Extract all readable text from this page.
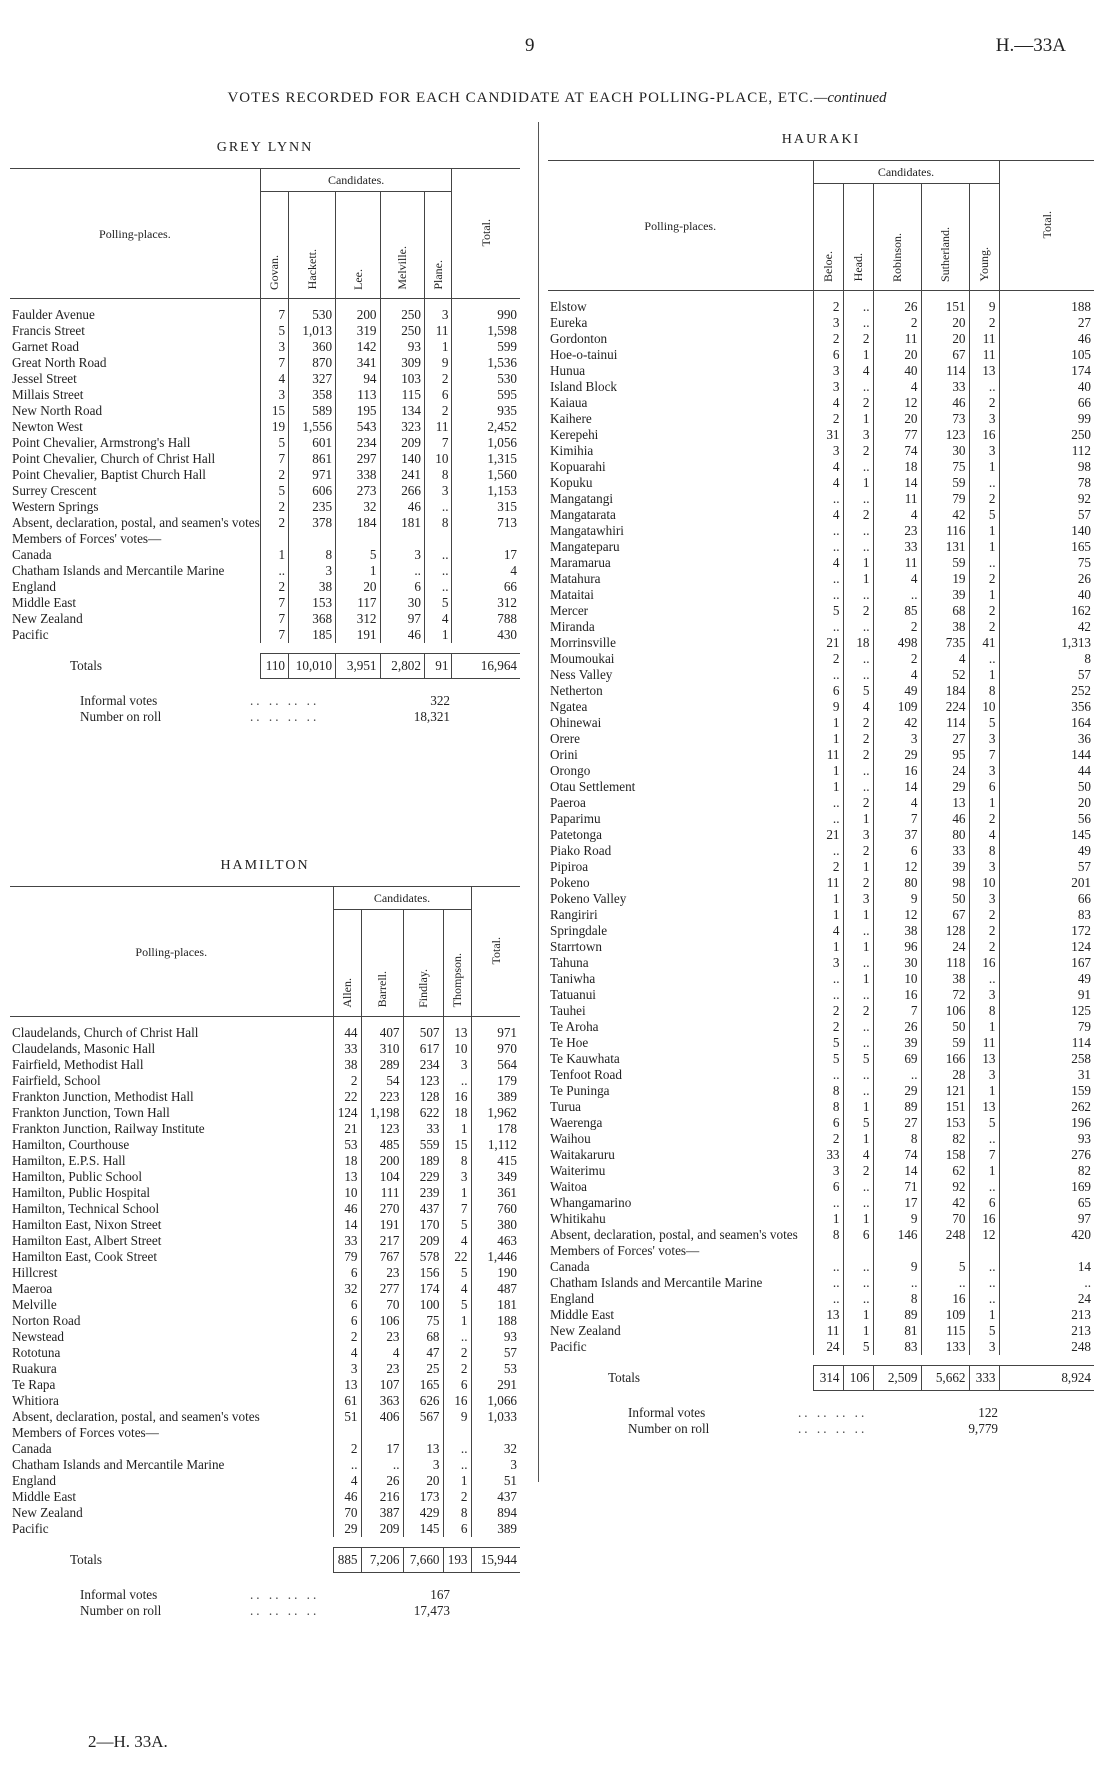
9	H.—33A
VOTES RECORDED FOR EACH CANDIDATE AT EACH POLLING-PLACE, ETC.—continued
GREY LYNN
Polling-places.	Candidates.					Total.
	Govan.	Hackett.	Lee.	Melville.	Plane.	
Faulder Avenue	7	530	200	250	3	990
Francis Street	5	1,013	319	250	11	1,598
Garnet Road	3	360	142	93	1	599
Great North Road	7	870	341	309	9	1,536
Jessel Street	4	327	94	103	2	530
Millais Street	3	358	113	115	6	595
New North Road	15	589	195	134	2	935
Newton West	19	1,556	543	323	11	2,452
Point Chevalier, Armstrong's Hall	5	601	234	209	7	1,056
Point Chevalier, Church of Christ Hall	7	861	297	140	10	1,315
Point Chevalier, Baptist Church Hall	2	971	338	241	8	1,560
Surrey Crescent	5	606	273	266	3	1,153
Western Springs	2	235	32	46	..	315
Absent, declaration, postal, and seamen's votes	2	378	184	181	8	713
Members of Forces' votes—						
Canada	1	8	5	3	..	17
Chatham Islands and Mercantile Marine	..	3	1	..	..	4
England	2	38	20	6	..	66
Middle East	7	153	117	30	5	312
New Zealand	7	368	312	97	4	788
Pacific	7	185	191	46	1	430

Totals	110	10,010	3,951	2,802	91	16,964
HAMILTON
Polling-places.	Candidates.				Total.
	Allen.	Barrell.	Findlay.	Thompson.	
Claudelands, Church of Christ Hall	44	407	507	13	971
Claudelands, Masonic Hall	33	310	617	10	970
Fairfield, Methodist Hall	38	289	234	3	564
Fairfield, School	2	54	123	..	179
Frankton Junction, Methodist Hall	22	223	128	16	389
Frankton Junction, Town Hall	124	1,198	622	18	1,962
Frankton Junction, Railway Institute	21	123	33	1	178
Hamilton, Courthouse	53	485	559	15	1,112
Hamilton, E.P.S. Hall	18	200	189	8	415
Hamilton, Public School	13	104	229	3	349
Hamilton, Public Hospital	10	111	239	1	361
Hamilton, Technical School	46	270	437	7	760
Hamilton East, Nixon Street	14	191	170	5	380
Hamilton East, Albert Street	33	217	209	4	463
Hamilton East, Cook Street	79	767	578	22	1,446
Hillcrest	6	23	156	5	190
Maeroa	32	277	174	4	487
Melville	6	70	100	5	181
Norton Road	6	106	75	1	188
Newstead	2	23	68	..	93
Rototuna	4	4	47	2	57
Ruakura	3	23	25	2	53
Te Rapa	13	107	165	6	291
Whitiora	61	363	626	16	1,066
Absent, declaration, postal, and seamen's votes	51	406	567	9	1,033
Members of Forces votes—					
Canada	2	17	13	..	32
Chatham Islands and Mercantile Marine	..	..	3	..	3
England	4	26	20	1	51
Middle East	46	216	173	2	437
New Zealand	70	387	429	8	894
Pacific	29	209	145	6	389

Totals	885	7,206	7,660	193	15,944
HAURAKI
Polling-places.	Candidates.					Total.
	Beloe.	Head.	Robinson.	Sutherland.	Young.	
Elstow	2	..	26	151	9	188
Eureka	3	..	2	20	2	27
Gordonton	2	2	11	20	11	46
Hoe-o-tainui	6	1	20	67	11	105
Hunua	3	4	40	114	13	174
Island Block	3	..	4	33	..	40
Kaiaua	4	2	12	46	2	66
Kaihere	2	1	20	73	3	99
Kerepehi	31	3	77	123	16	250
Kimihia	3	2	74	30	3	112
Kopuarahi	4	..	18	75	1	98
Kopuku	4	1	14	59	..	78
Mangatangi	..	..	11	79	2	92
Mangatarata	4	2	4	42	5	57
Mangatawhiri	..	..	23	116	1	140
Mangateparu	..	..	33	131	1	165
Maramarua	4	1	11	59	..	75
Matahura	..	1	4	19	2	26
Mataitai	..	..	..	39	1	40
Mercer	5	2	85	68	2	162
Miranda	..	..	2	38	2	42
Morrinsville	21	18	498	735	41	1,313
Moumoukai	2	..	2	4	..	8
Ness Valley	..	..	4	52	1	57
Netherton	6	5	49	184	8	252
Ngatea	9	4	109	224	10	356
Ohinewai	1	2	42	114	5	164
Orere	1	2	3	27	3	36
Orini	11	2	29	95	7	144
Orongo	1	..	16	24	3	44
Otau Settlement	1	..	14	29	6	50
Paeroa	..	2	4	13	1	20
Paparimu	..	1	7	46	2	56
Patetonga	21	3	37	80	4	145
Piako Road	..	2	6	33	8	49
Pipiroa	2	1	12	39	3	57
Pokeno	11	2	80	98	10	201
Pokeno Valley	1	3	9	50	3	66
Rangiriri	1	1	12	67	2	83
Springdale	4	..	38	128	2	172
Starrtown	1	1	96	24	2	124
Tahuna	3	..	30	118	16	167
Taniwha	..	1	10	38	..	49
Tatuanui	..	..	16	72	3	91
Tauhei	2	2	7	106	8	125
Te Aroha	2	..	26	50	1	79
Te Hoe	5	..	39	59	11	114
Te Kauwhata	5	5	69	166	13	258
Tenfoot Road	..	..	..	28	3	31
Te Puninga	8	..	29	121	1	159
Turua	8	1	89	151	13	262
Waerenga	6	5	27	153	5	196
Waihou	2	1	8	82	..	93
Waitakaruru	33	4	74	158	7	276
Waiterimu	3	2	14	62	1	82
Waitoa	6	..	71	92	..	169
Whangamarino	..	..	17	42	6	65
Whitikahu	1	1	9	70	16	97
Absent, declaration, postal, and seamen's votes	8	6	146	248	12	420
Members of Forces' votes—						
Canada	..	..	9	5	..	14
Chatham Islands and Mercantile Marine	..	..	..	..	..	..
England	..	..	8	16	..	24
Middle East	13	1	89	109	1	213
New Zealand	11	1	81	115	5	213
Pacific	24	5	83	133	3	248

Totals	314	106	2,509	5,662	333	8,924
2—H. 33A.
Informal votes	.. .. .. ..	322
Number on roll	.. .. .. ..	18,321
Informal votes	.. .. .. ..	167
Number on roll	.. .. .. ..	17,473
Informal votes	.. .. .. ..	122
Number on roll	.. .. .. ..	9,779
